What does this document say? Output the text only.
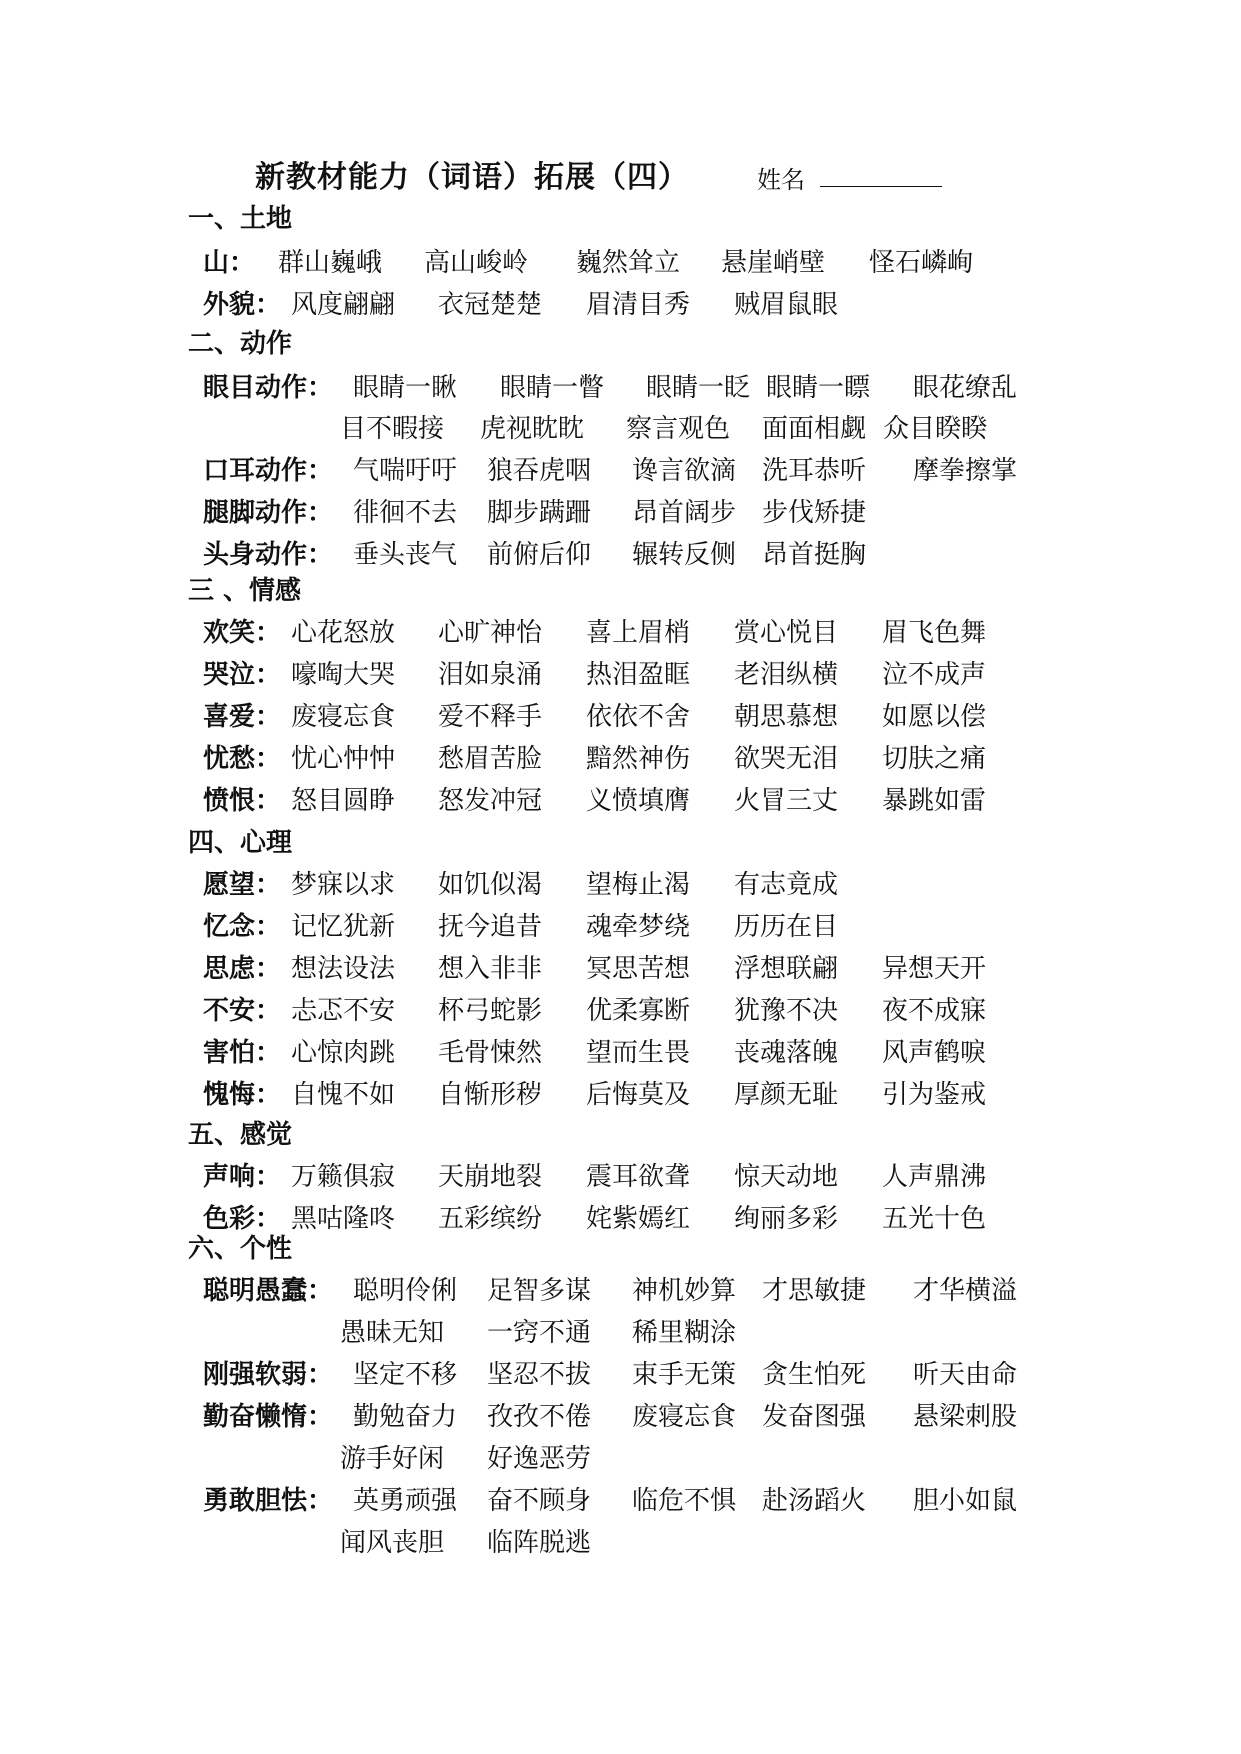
新教材能力（词语）拓展（四）	姓名
一、土地
山： 群山巍峨 高山峻岭 巍然耸立 悬崖峭壁 怪石嶙峋
外貌： 风度翩翩 衣冠楚楚 眉清目秀 贼眉鼠眼
二、动作
眼目动作： 眼睛一瞅 眼睛一瞥 眼睛一眨 眼睛一瞟 眼花缭乱
目不暇接 虎视眈眈 察言观色 面面相觑 众目睽睽
口耳动作： 气喘吁吁 狼吞虎咽 谗言欲滴 洗耳恭听 摩拳擦掌
腿脚动作： 徘徊不去 脚步蹒跚 昂首阔步 步伐矫捷
头身动作： 垂头丧气 前俯后仰 辗转反侧 昂首挺胸
三 、情感
欢笑： 心花怒放 心旷神怡 喜上眉梢 赏心悦目 眉飞色舞
哭泣： 嚎啕大哭 泪如泉涌 热泪盈眶 老泪纵横 泣不成声
喜爱： 废寝忘食 爱不释手 依依不舍 朝思慕想 如愿以偿
忧愁： 忧心忡忡 愁眉苦脸 黯然神伤 欲哭无泪 切肤之痛
愤恨： 怒目圆睁 怒发冲冠 义愤填膺 火冒三丈 暴跳如雷
四、心理
愿望： 梦寐以求 如饥似渴 望梅止渴 有志竟成
忆念： 记忆犹新 抚今追昔 魂牵梦绕 历历在目
思虑： 想法设法 想入非非 冥思苦想 浮想联翩 异想天开
不安： 忐忑不安 杯弓蛇影 优柔寡断 犹豫不决 夜不成寐
害怕： 心惊肉跳 毛骨悚然 望而生畏 丧魂落魄 风声鹤唳
愧悔： 自愧不如 自惭形秽 后悔莫及 厚颜无耻 引为鉴戒
五、感觉
声响： 万籁俱寂 天崩地裂 震耳欲聋 惊天动地 人声鼎沸
色彩： 黑咕隆咚 五彩缤纷 姹紫嫣红 绚丽多彩 五光十色
六、个性
聪明愚蠢： 聪明伶俐 足智多谋 神机妙算 才思敏捷 才华横溢
愚昧无知 一窍不通 稀里糊涂
刚强软弱： 坚定不移 坚忍不拔 束手无策 贪生怕死 听天由命
勤奋懒惰： 勤勉奋力 孜孜不倦 废寝忘食 发奋图强 悬梁刺股
游手好闲 好逸恶劳
勇敢胆怯： 英勇顽强 奋不顾身 临危不惧 赴汤蹈火 胆小如鼠
闻风丧胆 临阵脱逃
